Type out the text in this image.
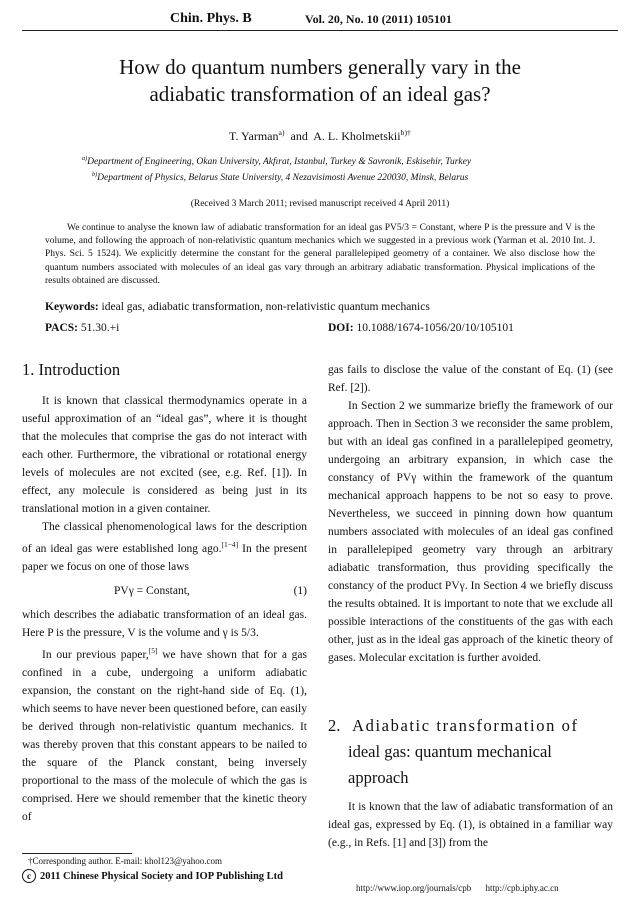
Chin. Phys. B	Vol. 20, No. 10 (2011) 105101
How do quantum numbers generally vary in the
adiabatic transformation of an ideal gas?
T. Yarman$^{a)}$ and A. L. Kholmetskii$^{b)\dagger}$
$^{a)}$Department of Engineering, Okan University, Akfırat, Istanbul, Turkey & Savronik, Eskisehir, Turkey
$^{b)}$Department of Physics, Belarus State University, 4 Nezavisimosti Avenue 220030, Minsk, Belarus
(Received 3 March 2011; revised manuscript received 4 April 2011)
We continue to analyse the known law of adiabatic transformation for an ideal gas PV5/3 = Constant, where P is the pressure and V is the volume, and following the approach of non-relativistic quantum mechanics which we suggested in a previous work (Yarman et al. 2010 Int. J. Phys. Sci. 5 1524). We explicitly determine the constant for the general parallelepiped geometry of a container. We also disclose how the quantum numbers associated with molecules of an ideal gas vary through an arbitrary adiabatic transformation. Physical implications of the results obtained are discussed.
Keywords: ideal gas, adiabatic transformation, non-relativistic quantum mechanics
PACS: 51.30.+i	DOI: 10.1088/1674-1056/20/10/105101
1. Introduction

It is known that classical thermodynamics operate in a useful approximation of an “ideal gas”, where it is thought that the molecules that comprise the gas do not interact with each other. Furthermore, the vibrational or rotational energy levels of molecules are not excited (see, e.g. Ref. [1]). In effect, any molecule is considered as being just in its translational motion in a given container.

The classical phenomenological laws for the description of an ideal gas were established long ago.[1−4] In the present paper we focus on one of those laws

PVγ = Constant,	(1)

which describes the adiabatic transformation of an ideal gas. Here P is the pressure, V is the volume and γ is 5/3.

In our previous paper,[5] we have shown that for a gas confined in a cube, undergoing a uniform adiabatic expansion, the constant on the right-hand side of Eq. (1), which seems to have never been questioned before, can easily be derived through non-relativistic quantum mechanics. It was thereby proven that this constant appears to be nailed to the square of the Planck constant, being inversely proportional to the mass of the molecule of which the gas is comprised. Here we should remember that the kinetic theory of

gas fails to disclose the value of the constant of Eq. (1) (see Ref. [2]).

In Section 2 we summarize briefly the framework of our approach. Then in Section 3 we reconsider the same problem, but with an ideal gas confined in a parallelepiped geometry, undergoing an arbitrary expansion, in which case the constancy of PVγ within the framework of the quantum mechanical approach happens to be not so easy to prove. Nevertheless, we succeed in pinning down how quantum numbers associated with molecules of an ideal gas confined in parallelepiped geometry vary through an arbitrary adiabatic transformation, thus providing specifically the constancy of the product PVγ. In Section 4 we briefly discuss the results obtained. It is important to note that we exclude all possible interactions of the constituents of the gas with each other, just as in the ideal gas approach of the kinetic theory of gases. Molecular excitation is further avoided.

2. Adiabatic transformation of
ideal gas: quantum mechanical
approach

It is known that the law of adiabatic transformation of an ideal gas, expressed by Eq. (1), is obtained in a familiar way (e.g., in Refs. [1] and [3]) from the

†Corresponding author. E-mail: khol123@yahoo.com
c 2011 Chinese Physical Society and IOP Publishing Ltd
http://www.iop.org/journals/cpb http://cpb.iphy.ac.cn
